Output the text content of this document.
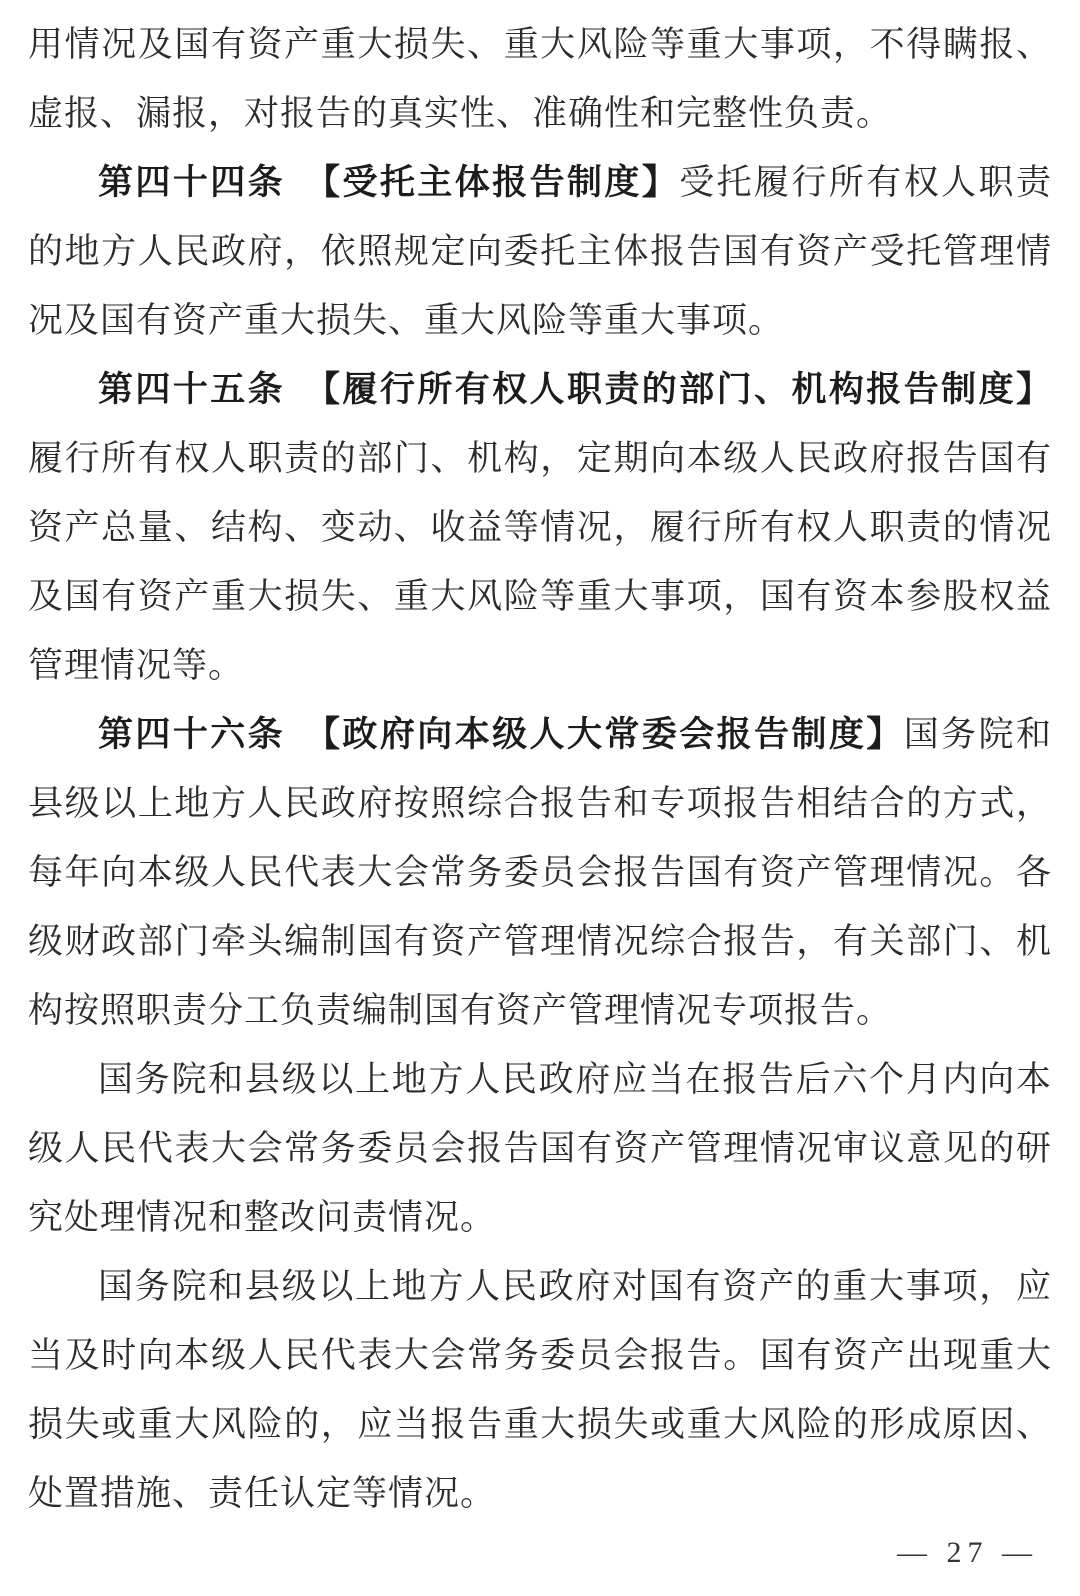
用情况及国有资产重大损失、重大风险等重大事项，不得瞒报、
虚报、漏报，对报告的真实性、准确性和完整性负责。
第四十四条　【受托主体报告制度】受托履行所有权人职责
的地方人民政府，依照规定向委托主体报告国有资产受托管理情
况及国有资产重大损失、重大风险等重大事项。
第四十五条　【履行所有权人职责的部门、机构报告制度】
履行所有权人职责的部门、机构，定期向本级人民政府报告国有
资产总量、结构、变动、收益等情况，履行所有权人职责的情况
及国有资产重大损失、重大风险等重大事项，国有资本参股权益
管理情况等。
第四十六条　【政府向本级人大常委会报告制度】国务院和
县级以上地方人民政府按照综合报告和专项报告相结合的方式，
每年向本级人民代表大会常务委员会报告国有资产管理情况。各
级财政部门牵头编制国有资产管理情况综合报告，有关部门、机
构按照职责分工负责编制国有资产管理情况专项报告。
国务院和县级以上地方人民政府应当在报告后六个月内向本
级人民代表大会常务委员会报告国有资产管理情况审议意见的研
究处理情况和整改问责情况。
国务院和县级以上地方人民政府对国有资产的重大事项，应
当及时向本级人民代表大会常务委员会报告。国有资产出现重大
损失或重大风险的，应当报告重大损失或重大风险的形成原因、
处置措施、责任认定等情况。
— 27 —
